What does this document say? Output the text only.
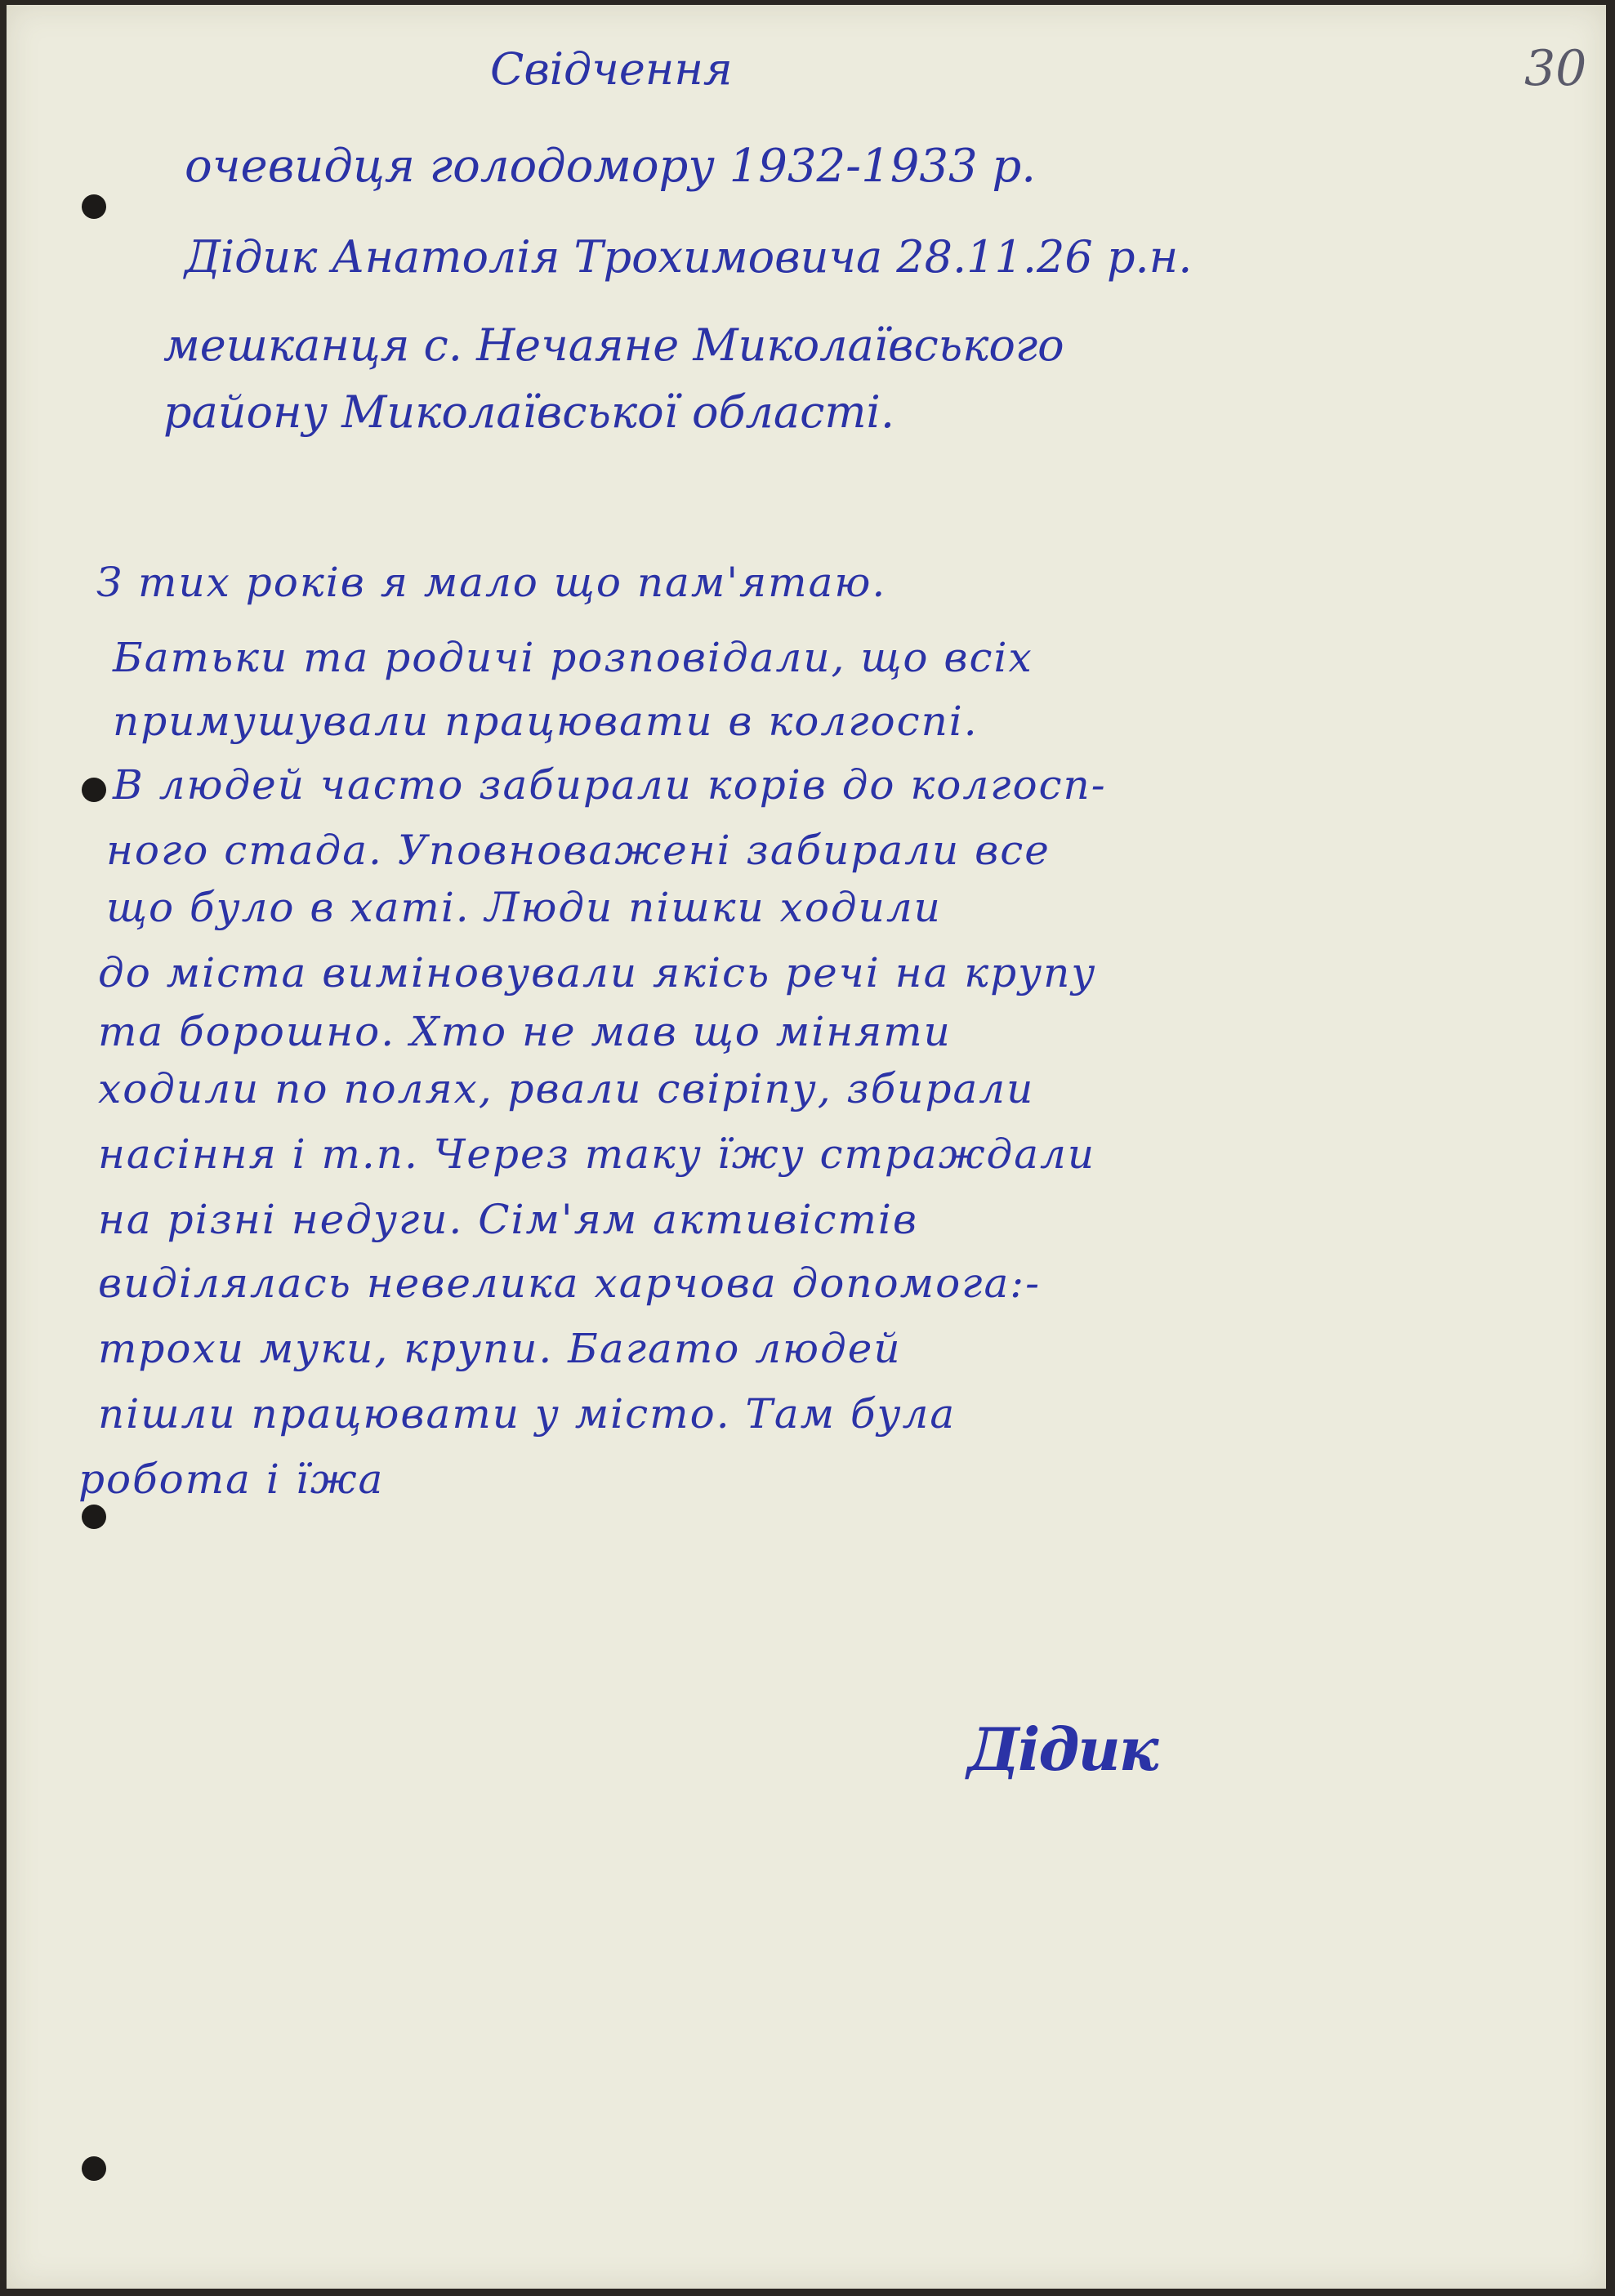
30

Свідчення

очевидця голодомору 1932-1933 р.

Дідик Анатолія Трохимовича 28.11.26 р.н.

мешканця с. Нечаяне Миколаївського

району Миколаївської області.

З тих років я мало що пам'ятаю.

Батьки та родичі розповідали, що всіх

примушували працювати в колгоспі.

В людей часто забирали корів до колгосп-

ного стада. Уповноважені забирали все

що було в хаті. Люди пішки ходили

до міста виміновували якісь речі на крупу

та борошно. Хто не мав що міняти

ходили по полях, рвали свіріпу, збирали

насіння і т.п. Через таку їжу страждали

на різні недуги. Сім'ям активістів

виділялась невелика харчова допомога:-

трохи муки, крупи. Багато людей

пішли працювати у місто. Там була

робота і їжа

Дідик
